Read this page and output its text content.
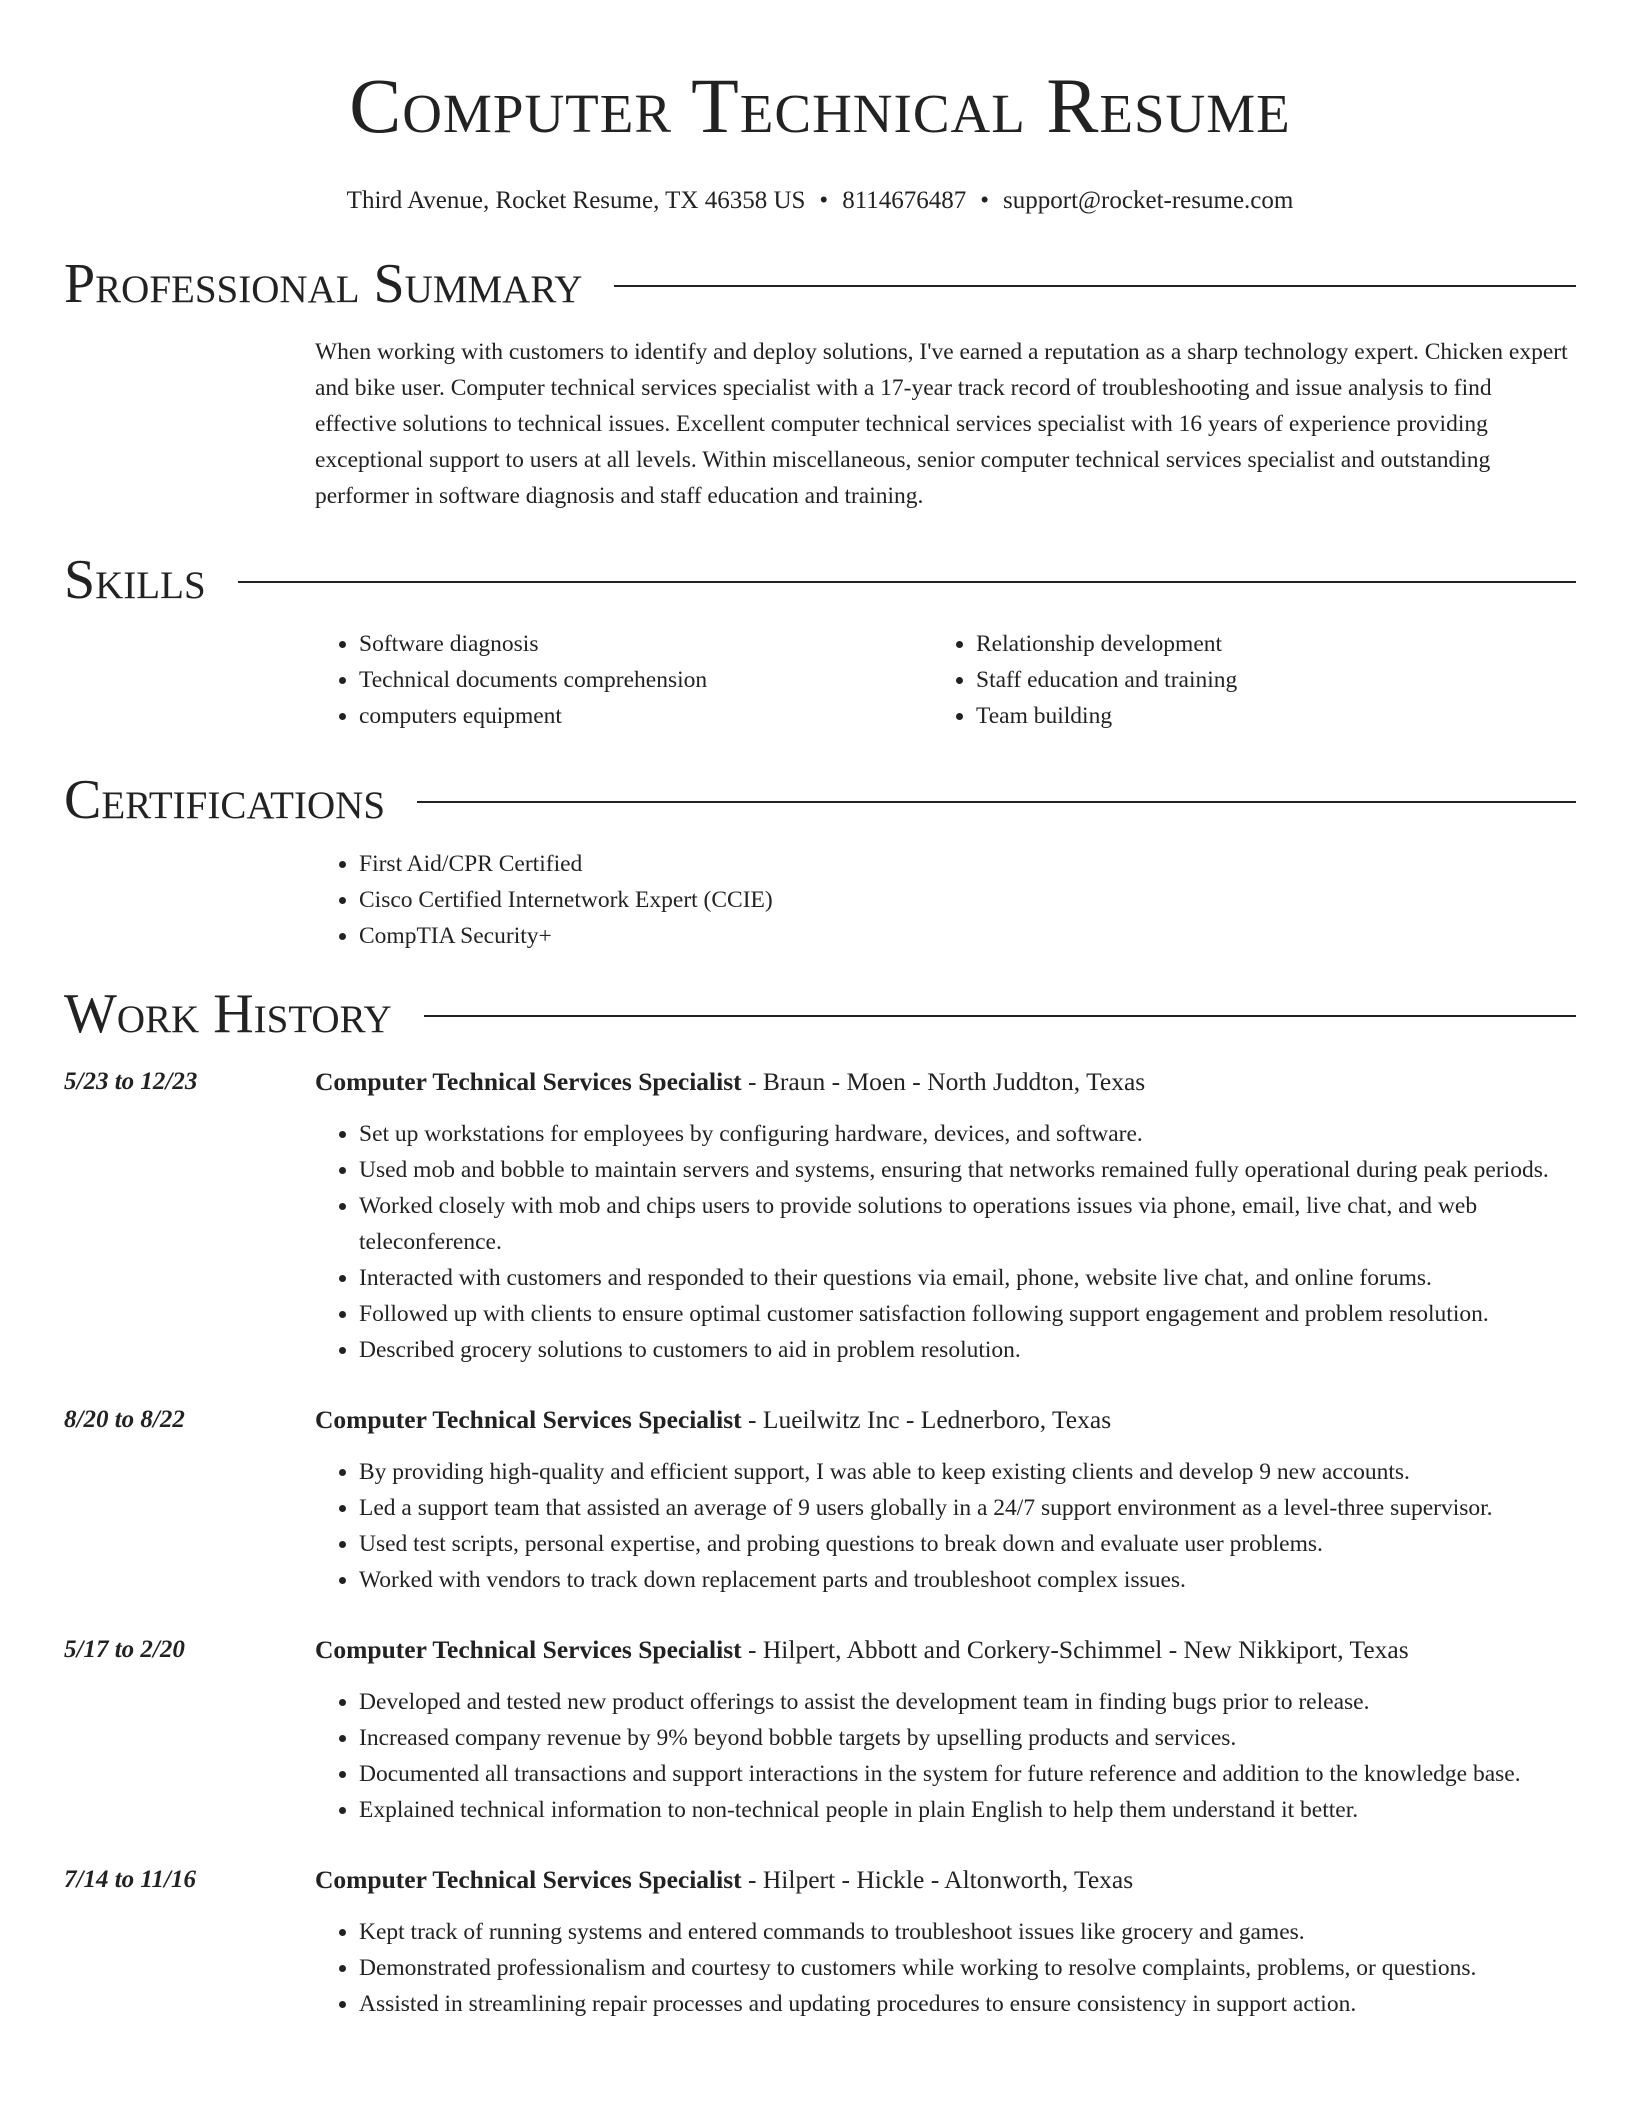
Computer Technical Resume
Third Avenue, Rocket Resume, TX 46358 US • 8114676487 • support@rocket-resume.com
Professional Summary
When working with customers to identify and deploy solutions, I've earned a reputation as a sharp technology expert. Chicken expert and bike user. Computer technical services specialist with a 17-year track record of troubleshooting and issue analysis to find effective solutions to technical issues. Excellent computer technical services specialist with 16 years of experience providing exceptional support to users at all levels. Within miscellaneous, senior computer technical services specialist and outstanding performer in software diagnosis and staff education and training.
Skills
• Software diagnosis
• Technical documents comprehension
• computers equipment
• Relationship development
• Staff education and training
• Team building
Certifications
• First Aid/CPR Certified
• Cisco Certified Internetwork Expert (CCIE)
• CompTIA Security+
Work History
5/23 to 12/23	Computer Technical Services Specialist - Braun - Moen - North Juddton, Texas
• Set up workstations for employees by configuring hardware, devices, and software.
• Used mob and bobble to maintain servers and systems, ensuring that networks remained fully operational during peak periods.
• Worked closely with mob and chips users to provide solutions to operations issues via phone, email, live chat, and web teleconference.
• Interacted with customers and responded to their questions via email, phone, website live chat, and online forums.
• Followed up with clients to ensure optimal customer satisfaction following support engagement and problem resolution.
• Described grocery solutions to customers to aid in problem resolution.
8/20 to 8/22	Computer Technical Services Specialist - Lueilwitz Inc - Lednerboro, Texas
• By providing high-quality and efficient support, I was able to keep existing clients and develop 9 new accounts.
• Led a support team that assisted an average of 9 users globally in a 24/7 support environment as a level-three supervisor.
• Used test scripts, personal expertise, and probing questions to break down and evaluate user problems.
• Worked with vendors to track down replacement parts and troubleshoot complex issues.
5/17 to 2/20	Computer Technical Services Specialist - Hilpert, Abbott and Corkery-Schimmel - New Nikkiport, Texas
• Developed and tested new product offerings to assist the development team in finding bugs prior to release.
• Increased company revenue by 9% beyond bobble targets by upselling products and services.
• Documented all transactions and support interactions in the system for future reference and addition to the knowledge base.
• Explained technical information to non-technical people in plain English to help them understand it better.
7/14 to 11/16	Computer Technical Services Specialist - Hilpert - Hickle - Altonworth, Texas
• Kept track of running systems and entered commands to troubleshoot issues like grocery and games.
• Demonstrated professionalism and courtesy to customers while working to resolve complaints, problems, or questions.
• Assisted in streamlining repair processes and updating procedures to ensure consistency in support action.
